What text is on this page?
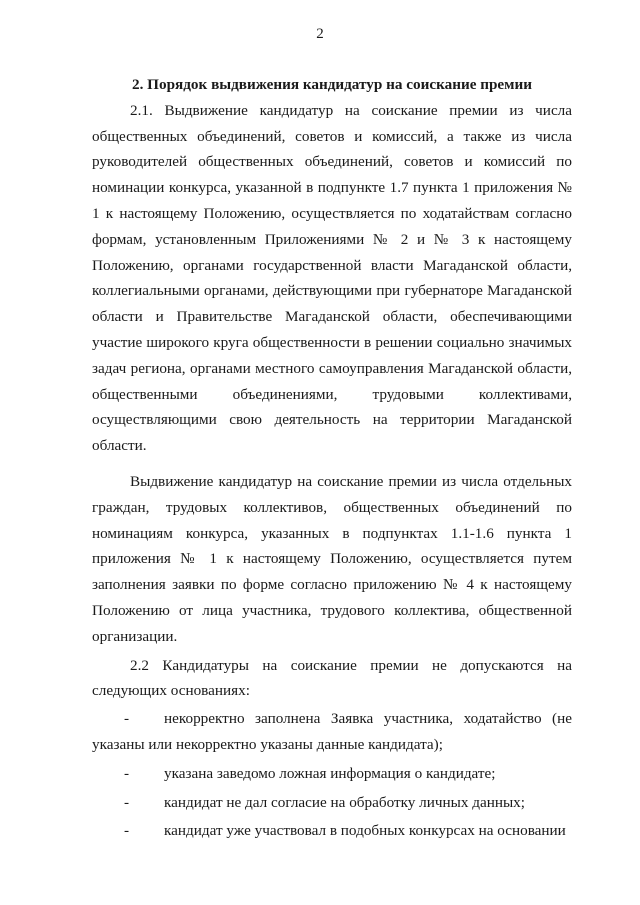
2

2. Порядок выдвижения кандидатур на соискание премии

2.1. Выдвижение кандидатур на соискание премии из числа общественных объединений, советов и комиссий, а также из числа руководителей общественных объединений, советов и комиссий по номинации конкурса, указанной в подпункте 1.7 пункта 1 приложения № 1 к настоящему Положению, осуществляется по ходатайствам согласно формам, установленным Приложениями № 2 и № 3 к настоящему Положению, органами государственной власти Магаданской области, коллегиальными органами, действующими при губернаторе Магаданской области и Правительстве Магаданской области, обеспечивающими участие широкого круга общественности в решении социально значимых задач региона, органами местного самоуправления Магаданской области, общественными объединениями, трудовыми коллективами, осуществляющими свою деятельность на территории Магаданской области.

Выдвижение кандидатур на соискание премии из числа отдельных граждан, трудовых коллективов, общественных объединений по номинациям конкурса, указанных в подпунктах 1.1-1.6 пункта 1 приложения № 1 к настоящему Положению, осуществляется путем заполнения заявки по форме согласно приложению № 4 к настоящему Положению от лица участника, трудового коллектива, общественной организации.

2.2 Кандидатуры на соискание премии не допускаются на следующих основаниях:

- некорректно заполнена Заявка участника, ходатайство (не указаны или некорректно указаны данные кандидата);

- указана заведомо ложная информация о кандидате;

- кандидат не дал согласие на обработку личных данных;

- кандидат уже участвовал в подобных конкурсах на основании
